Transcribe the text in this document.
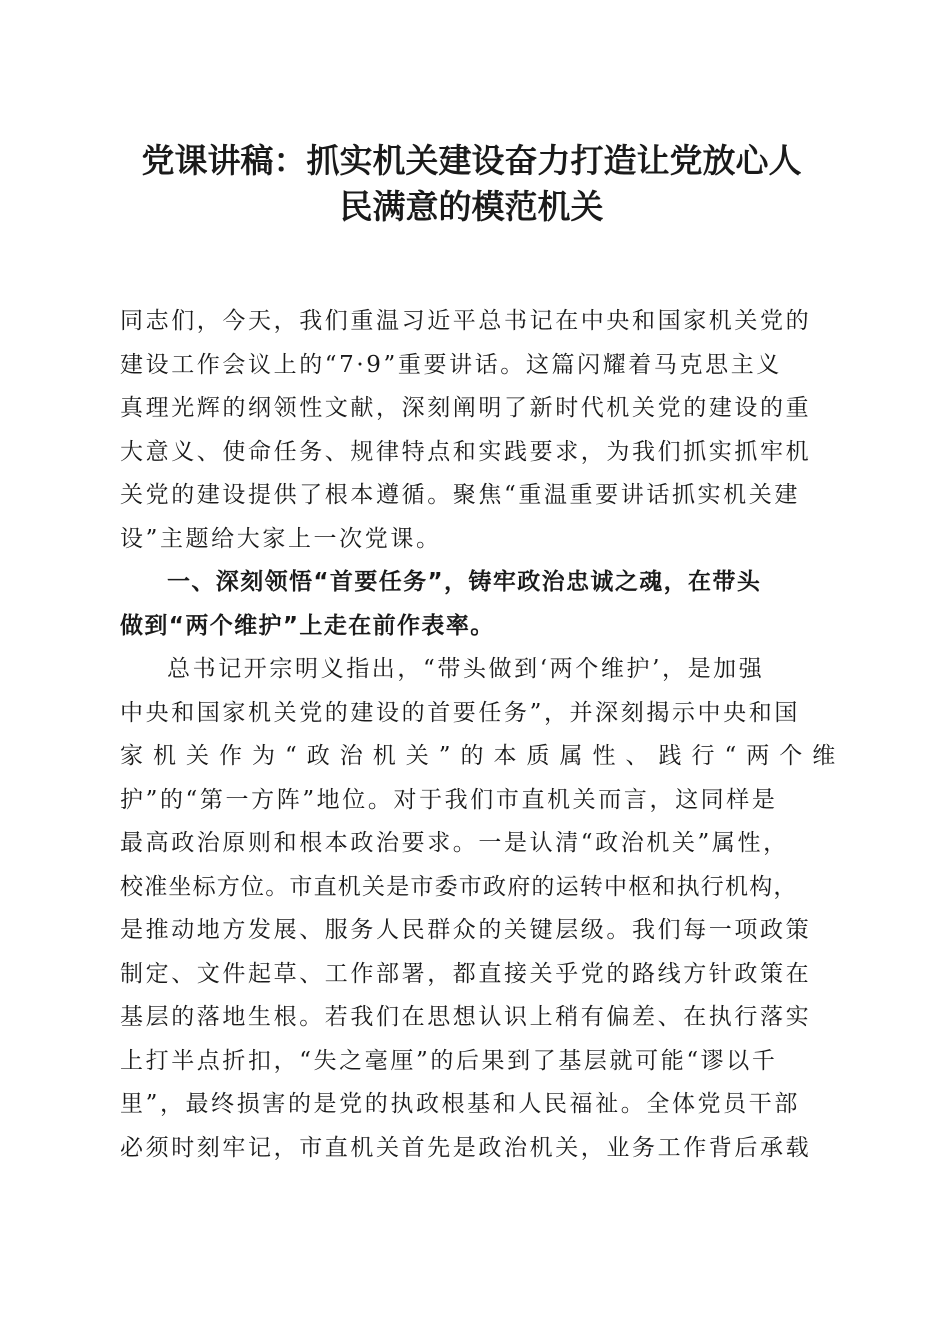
党课讲稿：抓实机关建设奋力打造让党放心人
民满意的模范机关
同志们，今天，我们重温习近平总书记在中央和国家机关党的
建设工作会议上的“7·9”重要讲话。这篇闪耀着马克思主义
真理光辉的纲领性文献，深刻阐明了新时代机关党的建设的重
大意义、使命任务、规律特点和实践要求，为我们抓实抓牢机
关党的建设提供了根本遵循。聚焦“重温重要讲话抓实机关建
设”主题给大家上一次党课。
一、深刻领悟“首要任务”，铸牢政治忠诚之魂，在带头
做到“两个维护”上走在前作表率。
总书记开宗明义指出，“带头做到‘两个维护’，是加强
中央和国家机关党的建设的首要任务”，并深刻揭示中央和国
家机关作为“政治机关”的本质属性、践行“两个维
护”的“第一方阵”地位。对于我们市直机关而言，这同样是
最高政治原则和根本政治要求。一是认清“政治机关”属性，
校准坐标方位。市直机关是市委市政府的运转中枢和执行机构，
是推动地方发展、服务人民群众的关键层级。我们每一项政策
制定、文件起草、工作部署，都直接关乎党的路线方针政策在
基层的落地生根。若我们在思想认识上稍有偏差、在执行落实
上打半点折扣，“失之毫厘”的后果到了基层就可能“谬以千
里”，最终损害的是党的执政根基和人民福祉。全体党员干部
必须时刻牢记，市直机关首先是政治机关，业务工作背后承载
